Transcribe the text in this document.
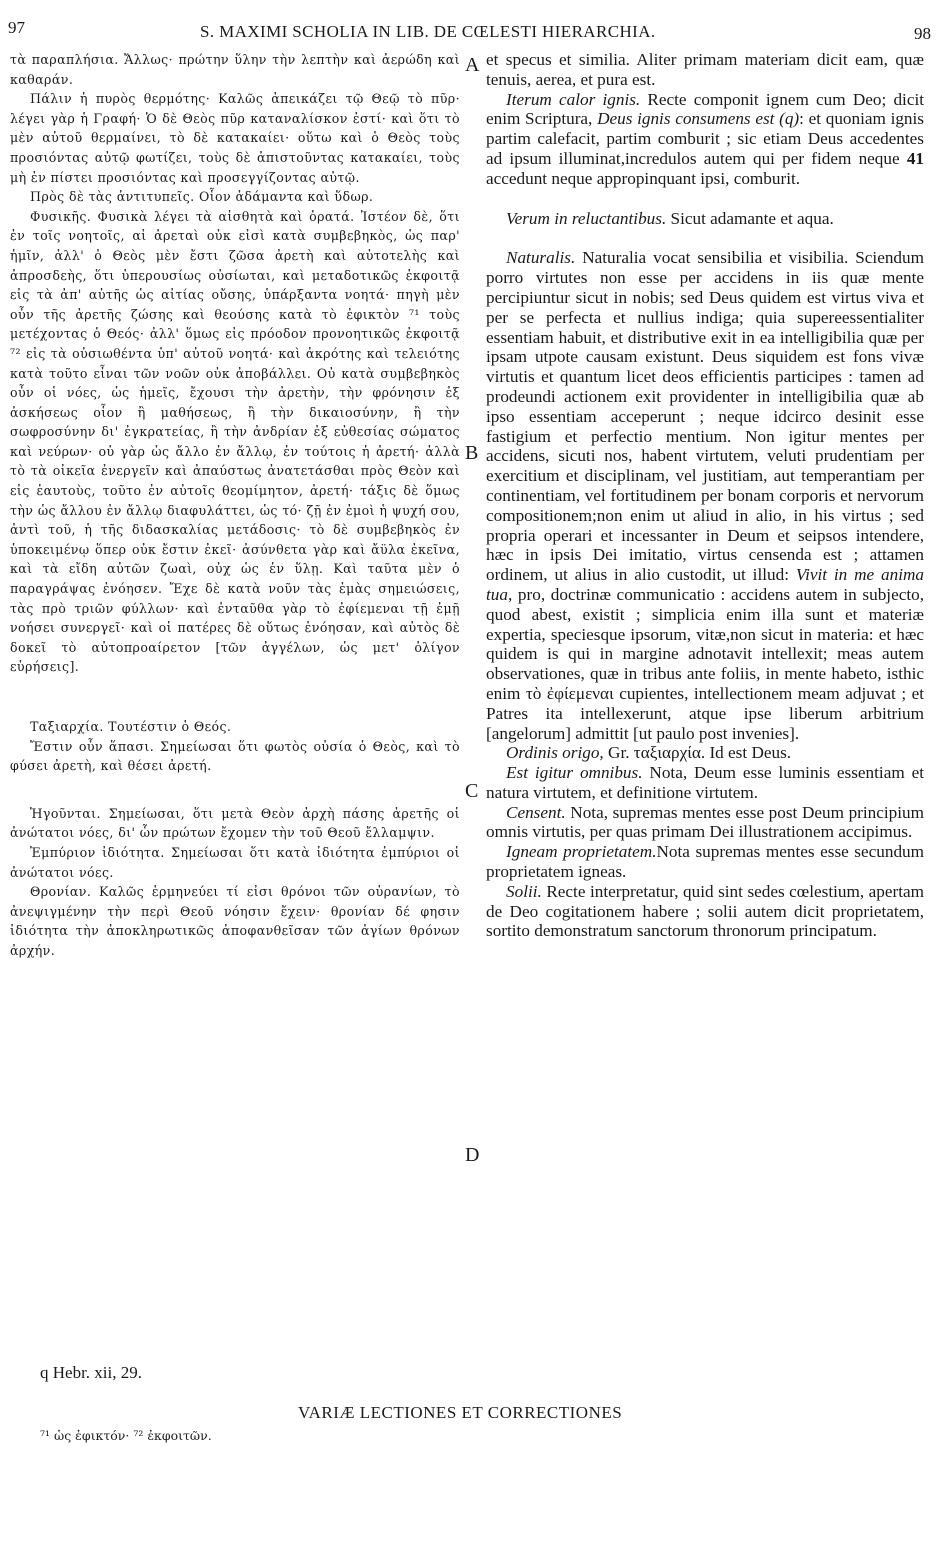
97	S. MAXIMI SCHOLIA IN LIB. DE CŒLESTI HIERARCHIA.	98
A
B
C
D

τὰ παραπλήσια. Ἄλλως· πρώτην ὕλην τὴν λεπτὴν καὶ ἀερώδη καὶ καθαράν.

Πάλιν ἡ πυρὸς θερμότης· Καλῶς ἀπεικάζει τῷ Θεῷ τὸ πῦρ· λέγει γὰρ ἡ Γραφή· Ὁ δὲ Θεὸς πῦρ καταναλίσκον ἐστί· καὶ ὅτι τὸ μὲν αὐτοῦ θερμαίνει, τὸ δὲ κατακαίει· οὕτω καὶ ὁ Θεὸς τοὺς προσιόντας αὐτῷ φωτίζει, τοὺς δὲ ἀπιστοῦντας κατακαίει, τοὺς μὴ ἐν πίστει προσιόντας καὶ προσεγγίζοντας αὐτῷ.

Πρὸς δὲ τὰς ἀντιτυπεῖς. Οἷον ἀδάμαντα καὶ ὕδωρ.

Φυσικῆς. Φυσικὰ λέγει τὰ αἰσθητὰ καὶ ὁρατά. Ἰστέον δὲ, ὅτι ἐν τοῖς νοητοῖς, αἱ ἀρεταὶ οὐκ εἰσὶ κατὰ συμβεβηκὸς, ὡς παρ' ἡμῖν, ἀλλ' ὁ Θεὸς μὲν ἔστι ζῶσα ἀρετὴ καὶ αὐτοτελὴς καὶ ἀπροσδεὴς, ὅτι ὑπερουσίως οὐσίωται, καὶ μεταδοτικῶς ἐκφοιτᾷ εἰς τὰ ἀπ' αὐτῆς ὡς αἰτίας οὔσης, ὑπάρξαντα νοητά· πηγὴ μὲν οὖν τῆς ἀρετῆς ζώσης καὶ θεούσης κατὰ τὸ ἐφικτὸν ⁷¹ τοὺς μετέχοντας ὁ Θεός· ἀλλ' ὅμως εἰς πρόοδον προνοητικῶς ἐκφοιτᾷ ⁷² εἰς τὰ οὐσιωθέντα ὑπ' αὐτοῦ νοητά· καὶ ἀκρότης καὶ τελειότης κατὰ τοῦτο εἶναι τῶν νοῶν οὐκ ἀποβάλλει. Οὐ κατὰ συμβεβηκὸς οὖν οἱ νόες, ὡς ἡμεῖς, ἔχουσι τὴν ἀρετὴν, τὴν φρόνησιν ἐξ ἀσκήσεως οἷον ἢ μαθήσεως, ἢ τὴν δικαιοσύνην, ἢ τὴν σωφροσύνην δι' ἐγκρατείας, ἢ τὴν ἀνδρίαν ἐξ εὐθεσίας σώματος καὶ νεύρων· οὐ γὰρ ὡς ἄλλο ἐν ἄλλῳ, ἐν τούτοις ἡ ἀρετή· ἀλλὰ τὸ τὰ οἰκεῖα ἐνεργεῖν καὶ ἀπαύστως ἀνατετάσθαι πρὸς Θεὸν καὶ εἰς ἑαυτοὺς, τοῦτο ἐν αὐτοῖς θεομίμητον, ἀρετή· τάξις δὲ ὅμως τὴν ὡς ἄλλου ἐν ἄλλῳ διαφυλάττει, ὡς τό· ζῇ ἐν ἐμοὶ ἡ ψυχή σου, ἀντὶ τοῦ, ἡ τῆς διδασκαλίας μετάδοσις· τὸ δὲ συμβεβηκὸς ἐν ὑποκειμένῳ ὅπερ οὐκ ἔστιν ἐκεῖ· ἀσύνθετα γὰρ καὶ ἄϋλα ἐκεῖνα, καὶ τὰ εἴδη αὐτῶν ζωαὶ, οὐχ ὡς ἐν ὕλῃ. Καὶ ταῦτα μὲν ὁ παραγράψας ἐνόησεν. Ἔχε δὲ κατὰ νοῦν τὰς ἐμὰς σημειώσεις, τὰς πρὸ τριῶν φύλλων· καὶ ἐνταῦθα γὰρ τὸ ἐφίεμεναι τῇ ἐμῇ νοήσει συνεργεῖ· καὶ οἱ πατέρες δὲ οὕτως ἐνόησαν, καὶ αὐτὸς δὲ δοκεῖ τὸ αὐτοπροαίρετον [τῶν ἀγγέλων, ὡς μετ' ὀλίγον εὑρήσεις].

Ταξιαρχία. Τουτέστιν ὁ Θεός.

Ἔστιν οὖν ἅπασι. Σημείωσαι ὅτι φωτὸς οὐσία ὁ Θεὸς, καὶ τὸ φύσει ἀρετὴ, καὶ θέσει ἀρετή.

Ἡγοῦνται. Σημείωσαι, ὅτι μετὰ Θεὸν ἀρχὴ πάσης ἀρετῆς οἱ ἀνώτατοι νόες, δι' ὧν πρώτων ἔχομεν τὴν τοῦ Θεοῦ ἔλλαμψιν.

Ἐμπύριον ἰδιότητα. Σημείωσαι ὅτι κατὰ ἰδιότητα ἐμπύριοι οἱ ἀνώτατοι νόες.

Θρονίαν. Καλῶς ἑρμηνεύει τί εἰσι θρόνοι τῶν οὐρανίων, τὸ ἀνεψιγμένην τὴν περὶ Θεοῦ νόησιν ἔχειν· θρονίαν δέ φησιν ἰδιότητα τὴν ἀποκληρωτικῶς ἀποφανθεῖσαν τῶν ἁγίων θρόνων ἀρχήν.

et specus et similia. Aliter primam materiam dicit eam, quæ tenuis, aerea, et pura est.

Iterum calor ignis. Recte componit ignem cum Deo; dicit enim Scriptura, Deus ignis consumens est (q): et quoniam ignis partim calefacit, partim comburit ; sic etiam Deus accedentes ad ipsum illuminat,incredulos autem qui per fidem neque 41 accedunt neque appropinquant ipsi, comburit.

Verum in reluctantibus. Sicut adamante et aqua.

Naturalis. Naturalia vocat sensibilia et visibilia. Sciendum porro virtutes non esse per accidens in iis quæ mente percipiuntur sicut in nobis; sed Deus quidem est virtus viva et per se perfecta et nullius indiga; quia supereessentialiter essentiam habuit, et distributive exit in ea intelligibilia quæ per ipsam utpote causam existunt. Deus siquidem est fons vivæ virtutis et quantum licet deos efficientis participes : tamen ad prodeundi actionem exit providenter in intelligibilia quæ ab ipso essentiam acceperunt ; neque idcirco desinit esse fastigium et perfectio mentium. Non igitur mentes per accidens, sicuti nos, habent virtutem, veluti prudentiam per exercitium et disciplinam, vel justitiam, aut temperantiam per continentiam, vel fortitudinem per bonam corporis et nervorum compositionem;non enim ut aliud in alio, in his virtus ; sed propria operari et incessanter in Deum et seipsos intendere, hæc in ipsis Dei imitatio, virtus censenda est ; attamen ordinem, ut alius in alio custodit, ut illud: Vivit in me anima tua, pro, doctrinæ communicatio : accidens autem in subjecto, quod abest, existit ; simplicia enim illa sunt et materiæ expertia, speciesque ipsorum, vitæ,non sicut in materia: et hæc quidem is qui in margine adnotavit intellexit; meas autem observationes, quæ in tribus ante foliis, in mente habeto, isthic enim τὸ ἐφίεμεναι cupientes, intellectionem meam adjuvat ; et Patres ita intellexerunt, atque ipse liberum arbitrium [angelorum] admittit [ut paulo post invenies].

Ordinis origo, Gr. ταξιαρχία. Id est Deus.

Est igitur omnibus. Nota, Deum esse luminis essentiam et natura virtutem, et definitione virtutem.

Censent. Nota, supremas mentes esse post Deum principium omnis virtutis, per quas primam Dei illustrationem accipimus.

Igneam proprietatem.Nota supremas mentes esse secundum proprietatem igneas.

Solii. Recte interpretatur, quid sint sedes cœlestium, apertam de Deo cogitationem habere ; solii autem dicit proprietatem, sortito demonstratum sanctorum thronorum principatum.

q Hebr. xii, 29.
VARIÆ LECTIONES ET CORRECTIONES
⁷¹ ὡς ἐφικτόν· ⁷² ἐκφοιτῶν.
